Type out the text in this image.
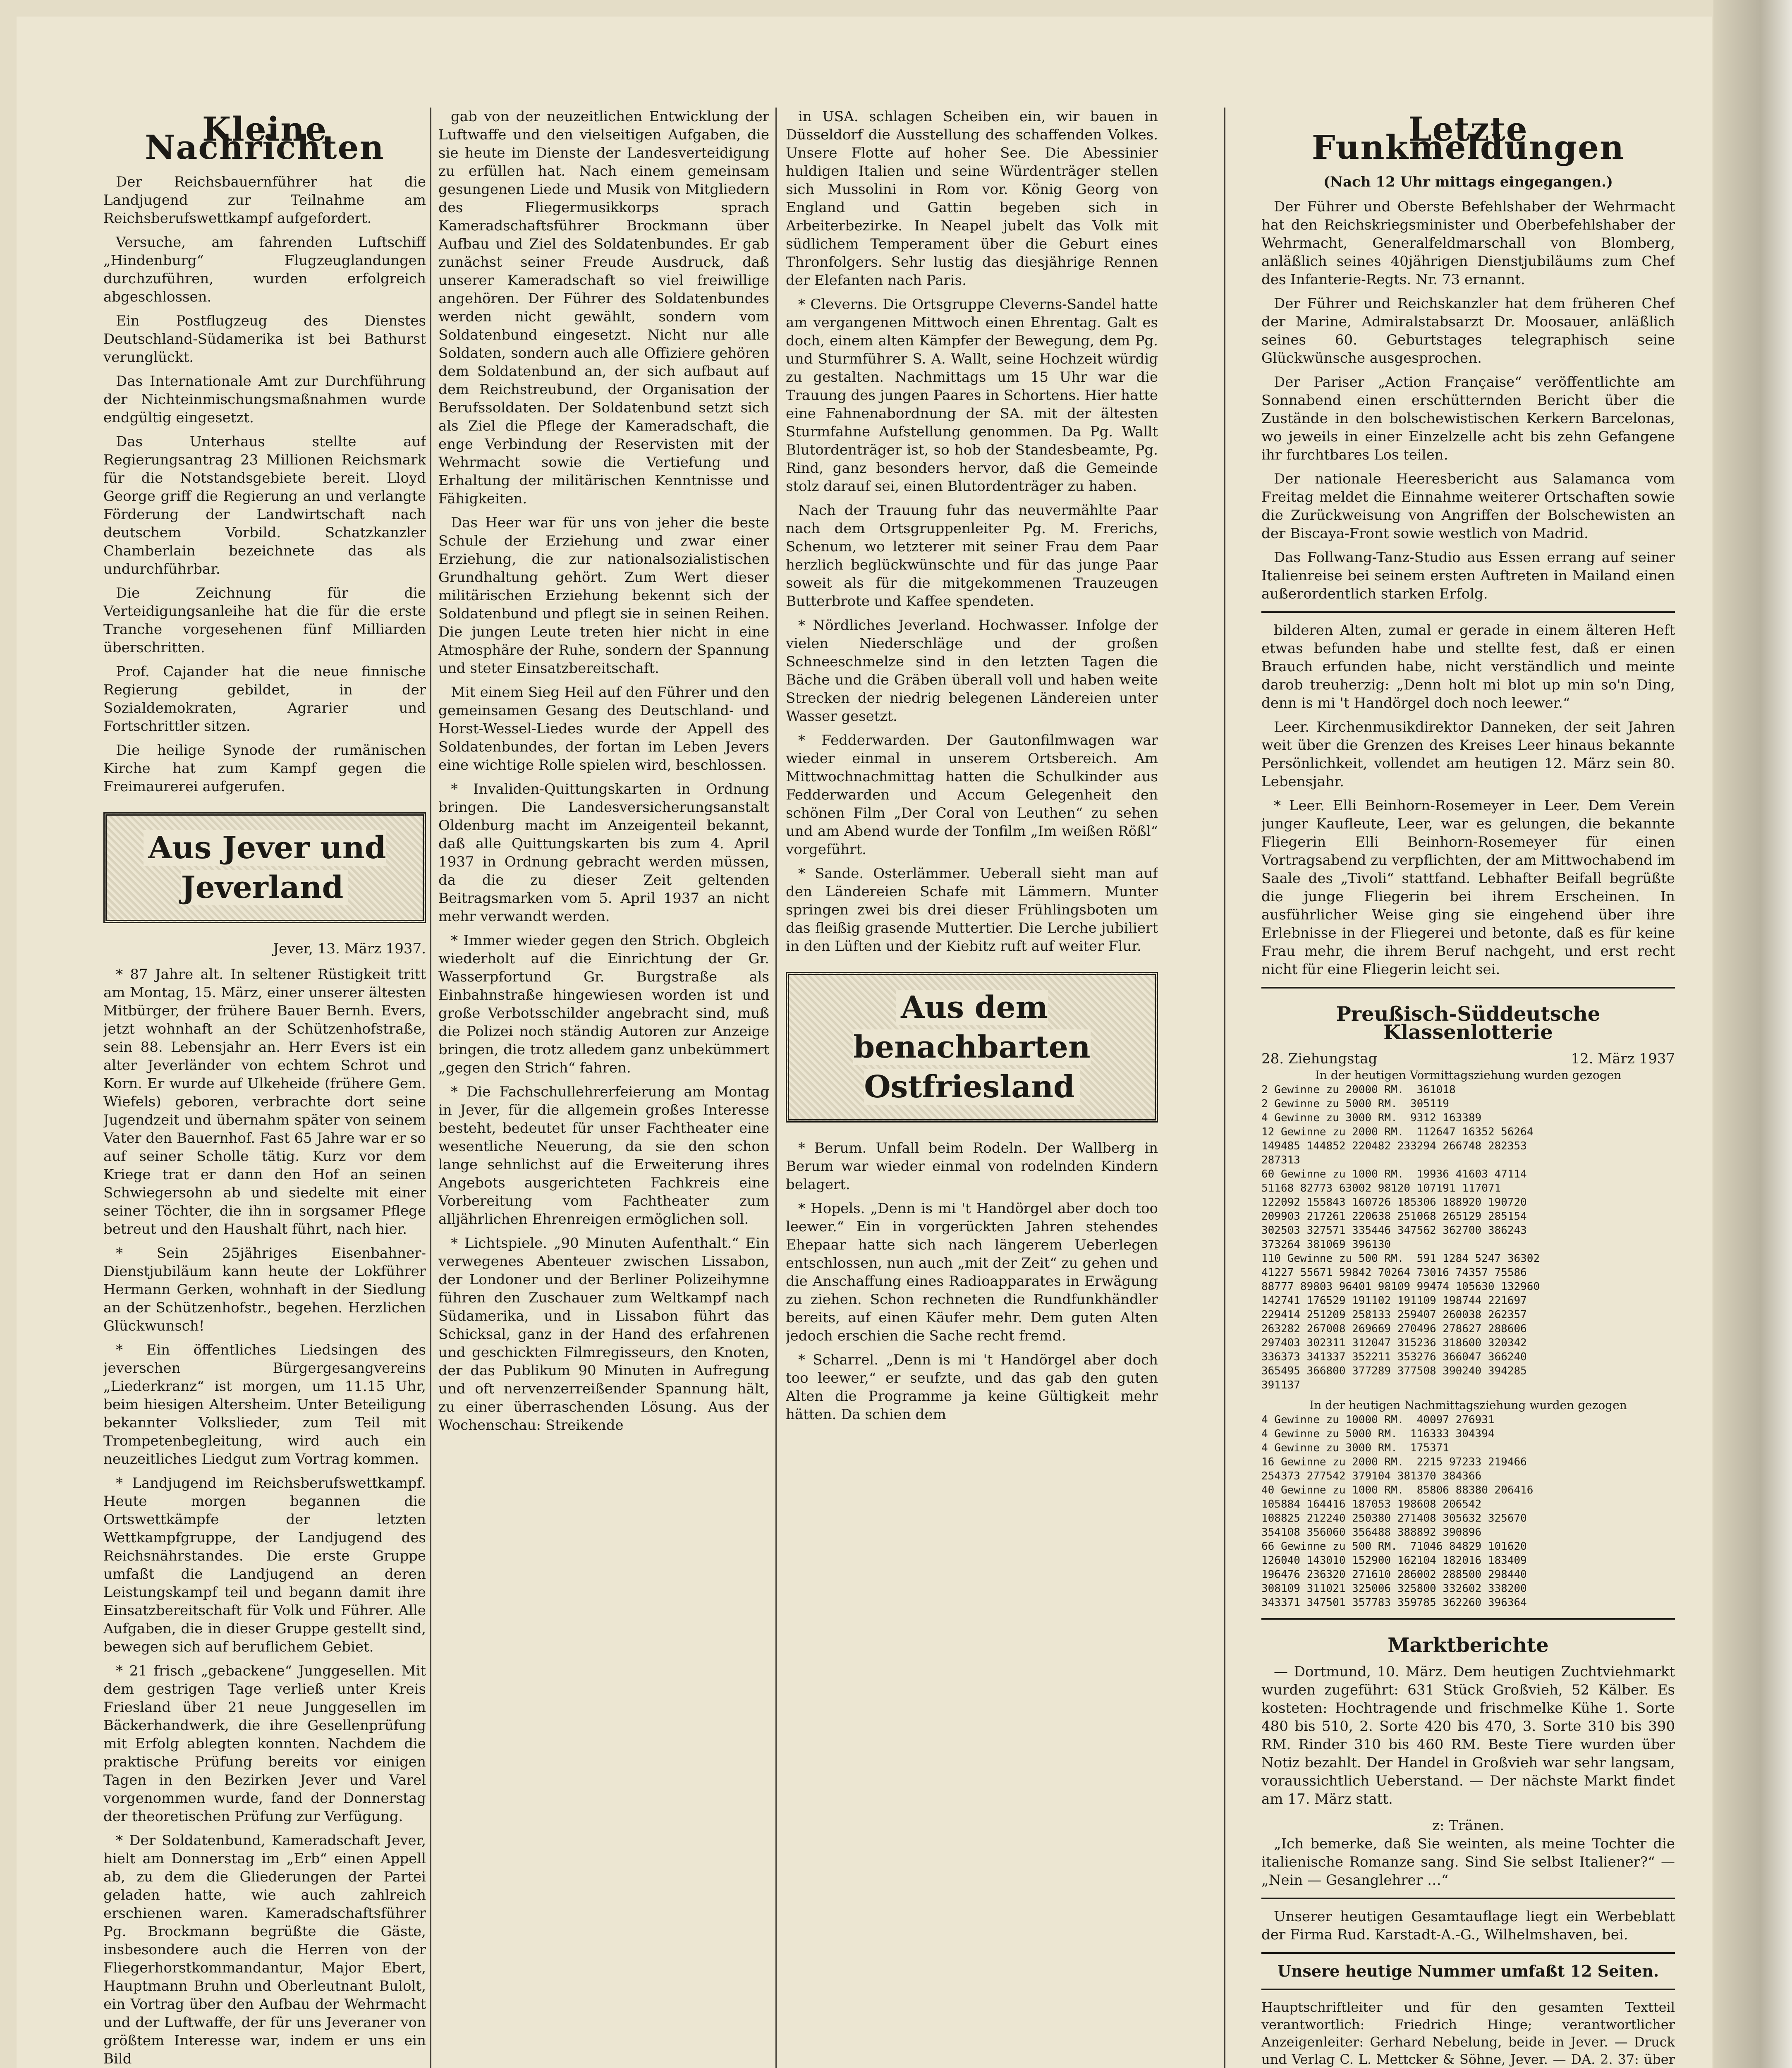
Kleine Nachrichten

Der Reichsbauernführer hat die Landjugend zur Teilnahme am Reichsberufswettkampf aufgefordert.

Versuche, am fahrenden Luftschiff „Hindenburg“ Flugzeuglandungen durchzuführen, wurden erfolgreich abgeschlossen.

Ein Postflugzeug des Dienstes Deutschland-Südamerika ist bei Bathurst verunglückt.

Das Internationale Amt zur Durchführung der Nichteinmischungsmaßnahmen wurde endgültig eingesetzt.

Das Unterhaus stellte auf Regierungsantrag 23 Millionen Reichsmark für die Notstandsgebiete bereit. Lloyd George griff die Regierung an und verlangte Förderung der Landwirtschaft nach deutschem Vorbild. Schatzkanzler Chamberlain bezeichnete das als undurchführbar.

Die Zeichnung für die Verteidigungsanleihe hat die für die erste Tranche vorgesehenen fünf Milliarden überschritten.

Prof. Cajander hat die neue finnische Regierung gebildet, in der Sozialdemokraten, Agrarier und Fortschrittler sitzen.

Die heilige Synode der rumänischen Kirche hat zum Kampf gegen die Freimaurerei aufgerufen.

Aus Jever und Jeverland
Jever, 13. März 1937.

* 87 Jahre alt. In seltener Rüstigkeit tritt am Montag, 15. März, einer unserer ältesten Mitbürger, der frühere Bauer Bernh. Evers, jetzt wohnhaft an der Schützenhofstraße, sein 88. Lebensjahr an. Herr Evers ist ein alter Jeverländer von echtem Schrot und Korn. Er wurde auf Ulkeheide (frühere Gem. Wiefels) geboren, verbrachte dort seine Jugendzeit und übernahm später von seinem Vater den Bauernhof. Fast 65 Jahre war er so auf seiner Scholle tätig. Kurz vor dem Kriege trat er dann den Hof an seinen Schwiegersohn ab und siedelte mit einer seiner Töchter, die ihn in sorgsamer Pflege betreut und den Haushalt führt, nach hier.

* Sein 25jähriges Eisenbahner-Dienstjubiläum kann heute der Lokführer Hermann Gerken, wohnhaft in der Siedlung an der Schützenhofstr., begehen. Herzlichen Glückwunsch!

* Ein öffentliches Liedsingen des jeverschen Bürgergesangvereins „Liederkranz“ ist morgen, um 11.15 Uhr, beim hiesigen Altersheim. Unter Beteiligung bekannter Volkslieder, zum Teil mit Trompetenbegleitung, wird auch ein neuzeitliches Liedgut zum Vortrag kommen.

* Landjugend im Reichsberufswettkampf. Heute morgen begannen die Ortswettkämpfe der letzten Wettkampfgruppe, der Landjugend des Reichsnährstandes. Die erste Gruppe umfaßt die Landjugend an deren Leistungskampf teil und begann damit ihre Einsatzbereitschaft für Volk und Führer. Alle Aufgaben, die in dieser Gruppe gestellt sind, bewegen sich auf beruflichem Gebiet.

* 21 frisch „gebackene“ Junggesellen. Mit dem gestrigen Tage verließ unter Kreis Friesland über 21 neue Junggesellen im Bäckerhandwerk, die ihre Gesellenprüfung mit Erfolg ablegten konnten. Nachdem die praktische Prüfung bereits vor einigen Tagen in den Bezirken Jever und Varel vorgenommen wurde, fand der Donnerstag der theoretischen Prüfung zur Verfügung.

* Der Soldatenbund, Kameradschaft Jever, hielt am Donnerstag im „Erb“ einen Appell ab, zu dem die Gliederungen der Partei geladen hatte, wie auch zahlreich erschienen waren. Kameradschaftsführer Pg. Brockmann begrüßte die Gäste, insbesondere auch die Herren von der Fliegerhorstkommandantur, Major Ebert, Hauptmann Bruhn und Oberleutnant Bulolt, ein Vortrag über den Aufbau der Wehrmacht und der Luftwaffe, der für uns Jeveraner von größtem Interesse war, indem er uns ein Bild

gab von der neuzeitlichen Entwicklung der Luftwaffe und den vielseitigen Aufgaben, die sie heute im Dienste der Landesverteidigung zu erfüllen hat. Nach einem gemeinsam gesungenen Liede und Musik von Mitgliedern des Fliegermusikkorps sprach Kameradschaftsführer Brockmann über Aufbau und Ziel des Soldatenbundes. Er gab zunächst seiner Freude Ausdruck, daß unserer Kameradschaft so viel freiwillige angehören. Der Führer des Soldatenbundes werden nicht gewählt, sondern vom Soldatenbund eingesetzt. Nicht nur alle Soldaten, sondern auch alle Offiziere gehören dem Soldatenbund an, der sich aufbaut auf dem Reichstreubund, der Organisation der Berufssoldaten. Der Soldatenbund setzt sich als Ziel die Pflege der Kameradschaft, die enge Verbindung der Reservisten mit der Wehrmacht sowie die Vertiefung und Erhaltung der militärischen Kenntnisse und Fähigkeiten.

Das Heer war für uns von jeher die beste Schule der Erziehung und zwar einer Erziehung, die zur nationalsozialistischen Grundhaltung gehört. Zum Wert dieser militärischen Erziehung bekennt sich der Soldatenbund und pflegt sie in seinen Reihen. Die jungen Leute treten hier nicht in eine Atmosphäre der Ruhe, sondern der Spannung und steter Einsatzbereitschaft.

Mit einem Sieg Heil auf den Führer und den gemeinsamen Gesang des Deutschland- und Horst-Wessel-Liedes wurde der Appell des Soldatenbundes, der fortan im Leben Jevers eine wichtige Rolle spielen wird, beschlossen.

* Invaliden-Quittungskarten in Ordnung bringen. Die Landesversicherungsanstalt Oldenburg macht im Anzeigenteil bekannt, daß alle Quittungskarten bis zum 4. April 1937 in Ordnung gebracht werden müssen, da die zu dieser Zeit geltenden Beitragsmarken vom 5. April 1937 an nicht mehr verwandt werden.

* Immer wieder gegen den Strich. Obgleich wiederholt auf die Einrichtung der Gr. Wasserpfortund Gr. Burgstraße als Einbahnstraße hingewiesen worden ist und große Verbotsschilder angebracht sind, muß die Polizei noch ständig Autoren zur Anzeige bringen, die trotz alledem ganz unbekümmert „gegen den Strich“ fahren.

* Die Fachschullehrerfeierung am Montag in Jever, für die allgemein großes Interesse besteht, bedeutet für unser Fachtheater eine wesentliche Neuerung, da sie den schon lange sehnlichst auf die Erweiterung ihres Angebots ausgerichteten Fachkreis eine Vorbereitung vom Fachtheater zum alljährlichen Ehrenreigen ermöglichen soll.

* Lichtspiele. „90 Minuten Aufenthalt.“ Ein verwegenes Abenteuer zwischen Lissabon, der Londoner und der Berliner Polizeihymne führen den Zuschauer zum Weltkampf nach Südamerika, und in Lissabon führt das Schicksal, ganz in der Hand des erfahrenen und geschickten Filmregisseurs, den Knoten, der das Publikum 90 Minuten in Aufregung und oft nervenzerreißender Spannung hält, zu einer überraschenden Lösung. Aus der Wochenschau: Streikende

in USA. schlagen Scheiben ein, wir bauen in Düsseldorf die Ausstellung des schaffenden Volkes. Unsere Flotte auf hoher See. Die Abessinier huldigen Italien und seine Würdenträger stellen sich Mussolini in Rom vor. König Georg von England und Gattin begeben sich in Arbeiterbezirke. In Neapel jubelt das Volk mit südlichem Temperament über die Geburt eines Thronfolgers. Sehr lustig das diesjährige Rennen der Elefanten nach Paris.

* Cleverns. Die Ortsgruppe Cleverns-Sandel hatte am vergangenen Mittwoch einen Ehrentag. Galt es doch, einem alten Kämpfer der Bewegung, dem Pg. und Sturmführer S. A. Wallt, seine Hochzeit würdig zu gestalten. Nachmittags um 15 Uhr war die Trauung des jungen Paares in Schortens. Hier hatte eine Fahnenabordnung der SA. mit der ältesten Sturmfahne Aufstellung genommen. Da Pg. Wallt Blutordenträger ist, so hob der Standesbeamte, Pg. Rind, ganz besonders hervor, daß die Gemeinde stolz darauf sei, einen Blutordenträger zu haben.

Nach der Trauung fuhr das neuvermählte Paar nach dem Ortsgruppenleiter Pg. M. Frerichs, Schenum, wo letzterer mit seiner Frau dem Paar herzlich beglückwünschte und für das junge Paar soweit als für die mitgekommenen Trauzeugen Butterbrote und Kaffee spendeten.

* Nördliches Jeverland. Hochwasser. Infolge der vielen Niederschläge und der großen Schneeschmelze sind in den letzten Tagen die Bäche und die Gräben überall voll und haben weite Strecken der niedrig belegenen Ländereien unter Wasser gesetzt.

* Fedderwarden. Der Gautonfilmwagen war wieder einmal in unserem Ortsbereich. Am Mittwochnachmittag hatten die Schulkinder aus Fedderwarden und Accum Gelegenheit den schönen Film „Der Coral von Leuthen“ zu sehen und am Abend wurde der Tonfilm „Im weißen Rößl“ vorgeführt.

* Sande. Osterlämmer. Ueberall sieht man auf den Ländereien Schafe mit Lämmern. Munter springen zwei bis drei dieser Frühlingsboten um das fleißig grasende Muttertier. Die Lerche jubiliert in den Lüften und der Kiebitz ruft auf weiter Flur.

Aus dem benachbarten Ostfriesland

* Berum. Unfall beim Rodeln. Der Wallberg in Berum war wieder einmal von rodelnden Kindern belagert.

* Hopels. „Denn is mi 't Handörgel aber doch too leewer.“ Ein in vorgerückten Jahren stehendes Ehepaar hatte sich nach längerem Ueberlegen entschlossen, nun auch „mit der Zeit“ zu gehen und die Anschaffung eines Radioapparates in Erwägung zu ziehen. Schon rechneten die Rundfunkhändler bereits, auf einen Käufer mehr. Dem guten Alten jedoch erschien die Sache recht fremd.

* Scharrel. „Denn is mi 't Handörgel aber doch too leewer,“ er seufzte, und das gab den guten Alten die Programme ja keine Gültigkeit mehr hätten. Da schien dem

Letzte Funkmeldungen
(Nach 12 Uhr mittags eingegangen.)

Der Führer und Oberste Befehlshaber der Wehrmacht hat den Reichskriegsminister und Oberbefehlshaber der Wehrmacht, Generalfeldmarschall von Blomberg, anläßlich seines 40jährigen Dienstjubiläums zum Chef des Infanterie-Regts. Nr. 73 ernannt.

Der Führer und Reichskanzler hat dem früheren Chef der Marine, Admiralstabsarzt Dr. Moosauer, anläßlich seines 60. Geburtstages telegraphisch seine Glückwünsche ausgesprochen.

Der Pariser „Action Française“ veröffentlichte am Sonnabend einen erschütternden Bericht über die Zustände in den bolschewistischen Kerkern Barcelonas, wo jeweils in einer Einzelzelle acht bis zehn Gefangene ihr furchtbares Los teilen.

Der nationale Heeresbericht aus Salamanca vom Freitag meldet die Einnahme weiterer Ortschaften sowie die Zurückweisung von Angriffen der Bolschewisten an der Biscaya-Front sowie westlich von Madrid.

Das Follwang-Tanz-Studio aus Essen errang auf seiner Italienreise bei seinem ersten Auftreten in Mailand einen außerordentlich starken Erfolg.

bilderen Alten, zumal er gerade in einem älteren Heft etwas befunden habe und stellte fest, daß er einen Brauch erfunden habe, nicht verständlich und meinte darob treuherzig: „Denn holt mi blot up min so'n Ding, denn is mi 't Handörgel doch noch leewer.“

Leer. Kirchenmusikdirektor Danneken, der seit Jahren weit über die Grenzen des Kreises Leer hinaus bekannte Persönlichkeit, vollendet am heutigen 12. März sein 80. Lebensjahr.

* Leer. Elli Beinhorn-Rosemeyer in Leer. Dem Verein junger Kaufleute, Leer, war es gelungen, die bekannte Fliegerin Elli Beinhorn-Rosemeyer für einen Vortragsabend zu verpflichten, der am Mittwochabend im Saale des „Tivoli“ stattfand. Lebhafter Beifall begrüßte die junge Fliegerin bei ihrem Erscheinen. In ausführlicher Weise ging sie eingehend über ihre Erlebnisse in der Fliegerei und betonte, daß es für keine Frau mehr, die ihrem Beruf nachgeht, und erst recht nicht für eine Fliegerin leicht sei.

Preußisch-Süddeutsche Klassenlotterie
28. Ziehungstag	12. März 1937
In der heutigen Vormittagsziehung wurden gezogen
2 Gewinne zu 20000 RM.  361018
2 Gewinne zu 5000 RM.  305119
4 Gewinne zu 3000 RM.  9312 163389
12 Gewinne zu 2000 RM.  112647 16352 56264
149485 144852 220482 233294 266748 282353
287313
60 Gewinne zu 1000 RM.  19936 41603 47114
51168 82773 63002 98120 107191 117071
122092 155843 160726 185306 188920 190720
209903 217261 220638 251068 265129 285154
302503 327571 335446 347562 362700 386243
373264 381069 396130
110 Gewinne zu 500 RM.  591 1284 5247 36302
41227 55671 59842 70264 73016 74357 75586
88777 89803 96401 98109 99474 105630 132960
142741 176529 191102 191109 198744 221697
229414 251209 258133 259407 260038 262357
263282 267008 269669 270496 278627 288606
297403 302311 312047 315236 318600 320342
336373 341337 352211 353276 366047 366240
365495 366800 377289 377508 390240 394285
391137
In der heutigen Nachmittagsziehung wurden gezogen
4 Gewinne zu 10000 RM.  40097 276931
4 Gewinne zu 5000 RM.  116333 304394
4 Gewinne zu 3000 RM.  175371
16 Gewinne zu 2000 RM.  2215 97233 219466
254373 277542 379104 381370 384366
40 Gewinne zu 1000 RM.  85806 88380 206416
105884 164416 187053 198608 206542
108825 212240 250380 271408 305632 325670
354108 356060 356488 388892 390896
66 Gewinne zu 500 RM.  71046 84829 101620
126040 143010 152900 162104 182016 183409
196476 236320 271610 286002 288500 298440
308109 311021 325006 325800 332602 338200
343371 347501 357783 359785 362260 396364
Marktberichte

— Dortmund, 10. März. Dem heutigen Zuchtviehmarkt wurden zugeführt: 631 Stück Großvieh, 52 Kälber. Es kosteten: Hochtragende und frischmelke Kühe 1. Sorte 480 bis 510, 2. Sorte 420 bis 470, 3. Sorte 310 bis 390 RM. Rinder 310 bis 460 RM. Beste Tiere wurden über Notiz bezahlt. Der Handel in Großvieh war sehr langsam, voraussichtlich Ueberstand. — Der nächste Markt findet am 17. März statt.

z: Tränen.

„Ich bemerke, daß Sie weinten, als meine Tochter die italienische Romanze sang. Sind Sie selbst Italiener?“ — „Nein — Gesanglehrer …“

Unserer heutigen Gesamtauflage liegt ein Werbeblatt der Firma Rud. Karstadt-A.-G., Wilhelmshaven, bei.

Unsere heutige Nummer umfaßt 12 Seiten.
Hauptschriftleiter und für den gesamten Textteil verantwortlich: Friedrich Hinge; verantwortlicher Anzeigenleiter: Gerhard Nebelung, beide in Jever. — Druck und Verlag C. L. Mettcker & Söhne, Jever. — DA. 2. 37: über
